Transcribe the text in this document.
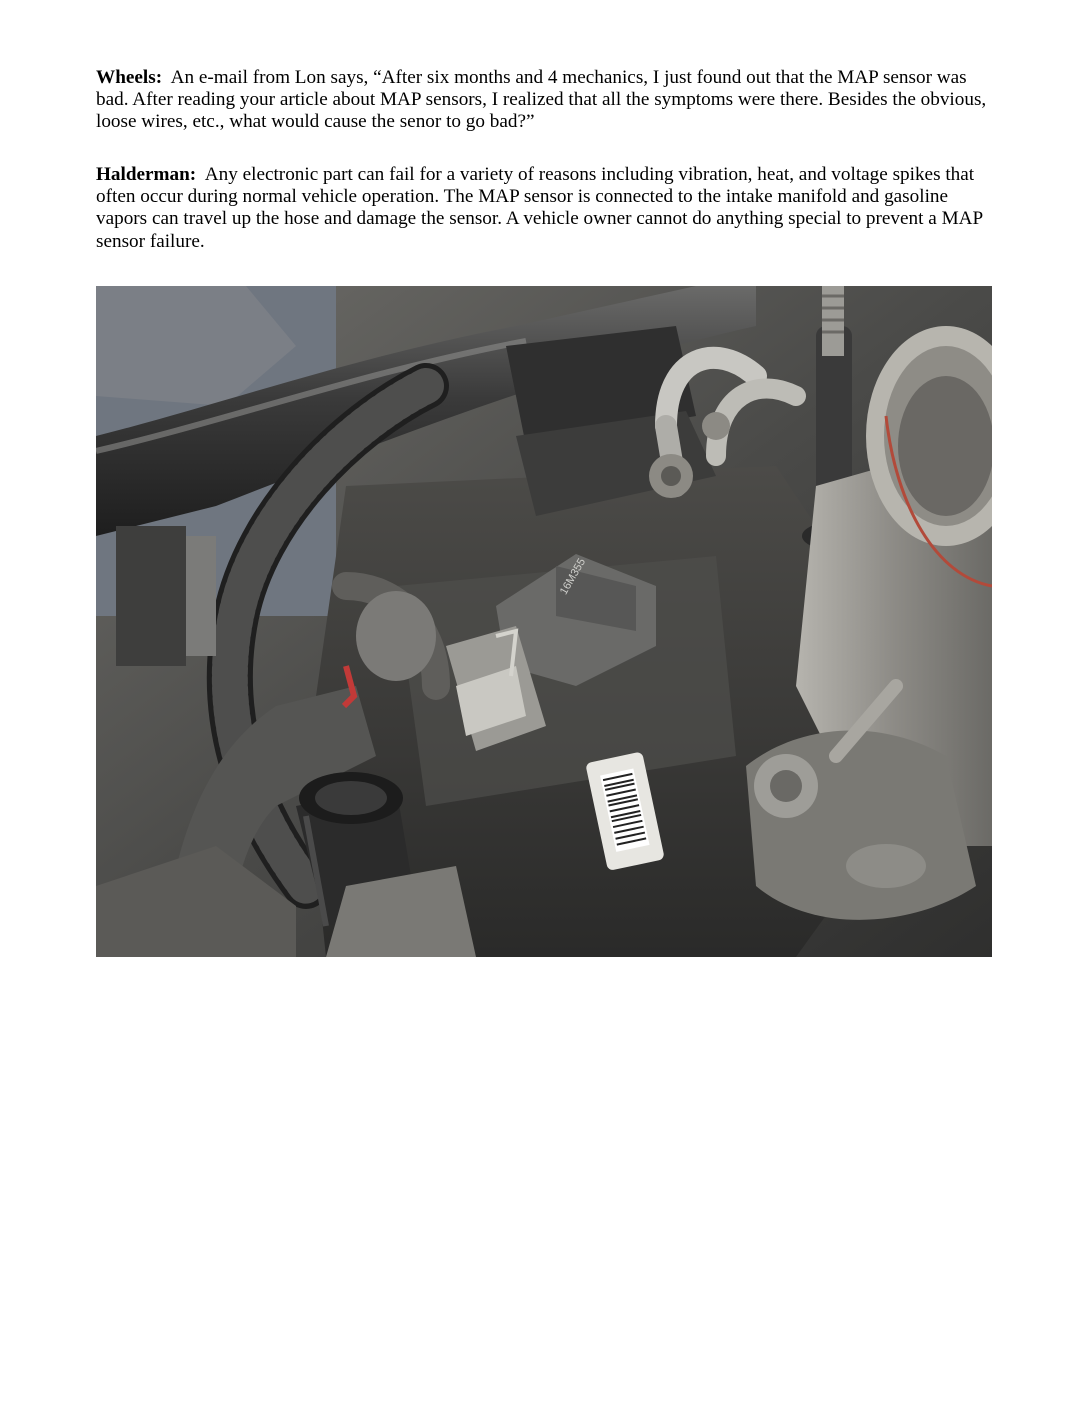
Wheels: An e-mail from Lon says, “After six months and 4 mechanics, I just found out that the MAP sensor was bad. After reading your article about MAP sensors, I realized that all the symptoms were there. Besides the obvious, loose wires, etc., what would cause the senor to go bad?”

Halderman: Any electronic part can fail for a variety of reasons including vibration, heat, and voltage spikes that often occur during normal vehicle operation. The MAP sensor is connected to the intake manifold and gasoline vapors can travel up the hose and damage the sensor. A vehicle owner cannot do anything special to prevent a MAP sensor failure.

16M355
